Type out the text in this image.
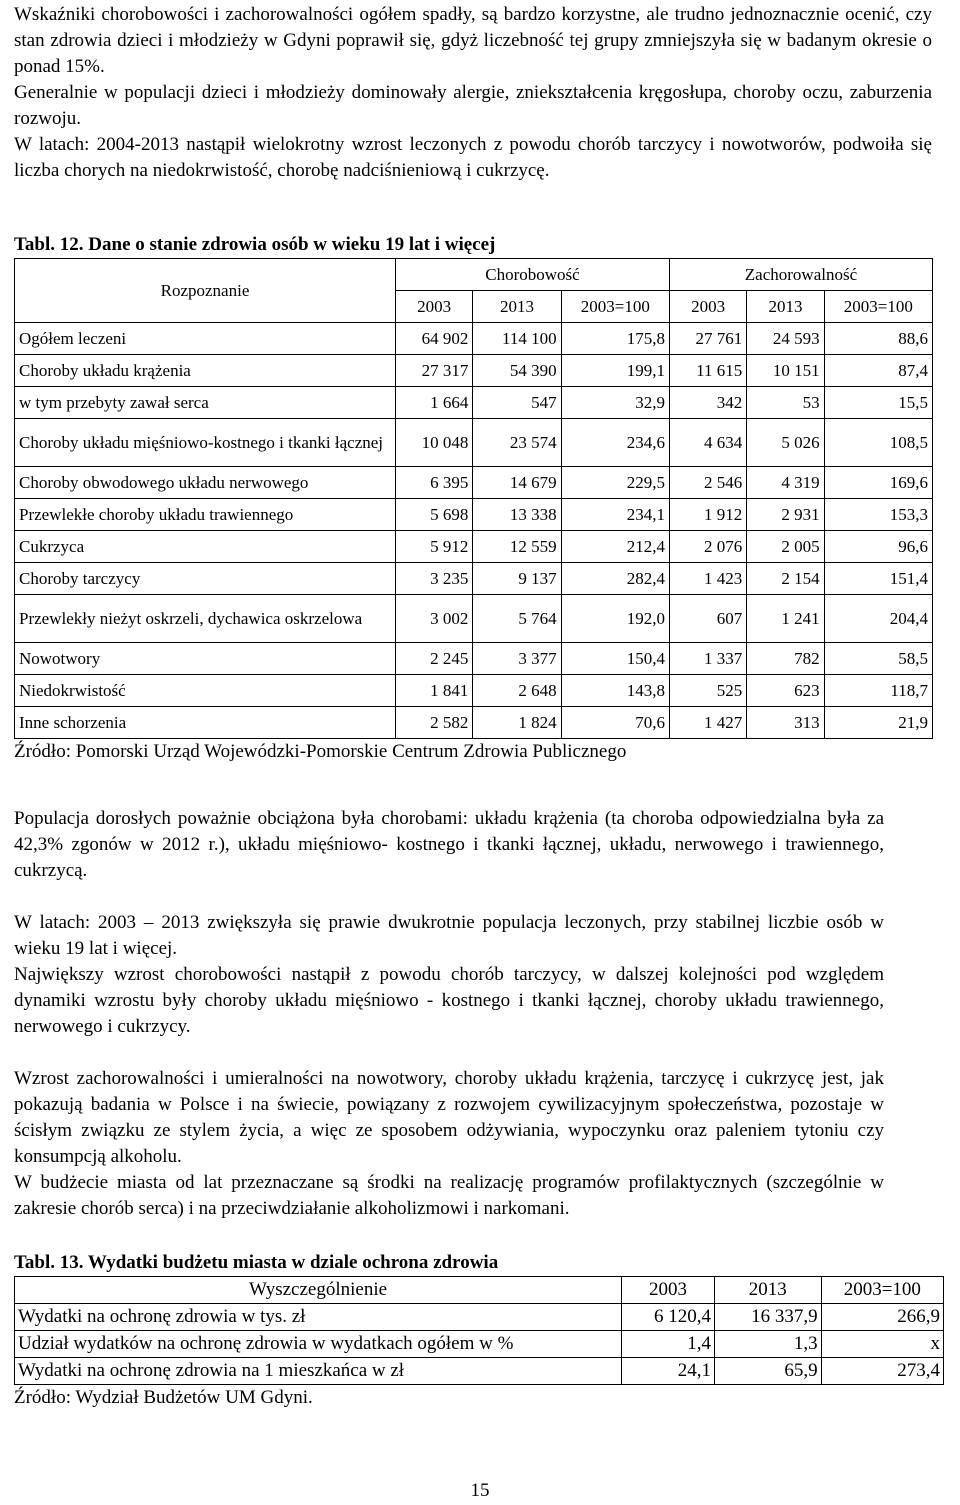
Wskaźniki chorobowości i zachorowalności ogółem spadły, są bardzo korzystne, ale trudno jednoznacznie ocenić, czy stan zdrowia dzieci i młodzieży w Gdyni poprawił się, gdyż liczebność tej grupy zmniejszyła się w badanym okresie o ponad 15%.

Generalnie w populacji dzieci i młodzieży dominowały alergie, zniekształcenia kręgosłupa, choroby oczu, zaburzenia rozwoju.

W latach: 2004-2013 nastąpił wielokrotny wzrost leczonych z powodu chorób tarczycy i nowotworów, podwoiła się liczba chorych na niedokrwistość, chorobę nadciśnieniową i cukrzycę.

Tabl. 12. Dane o stanie zdrowia osób w wieku 19 lat i więcej

Rozpoznanie	Chorobowość			Zachorowalność		
	2003	2013	2003=100	2003	2013	2003=100
Ogółem leczeni	64 902	114 100	175,8	27 761	24 593	88,6
Choroby układu krążenia	27 317	54 390	199,1	11 615	10 151	87,4
w tym przebyty zawał serca	1 664	547	32,9	342	53	15,5
Choroby układu mięśniowo-kostnego i tkanki łącznej	10 048	23 574	234,6	4 634	5 026	108,5
Choroby obwodowego układu nerwowego	6 395	14 679	229,5	2 546	4 319	169,6
Przewlekłe choroby układu trawiennego	5 698	13 338	234,1	1 912	2 931	153,3
Cukrzyca	5 912	12 559	212,4	2 076	2 005	96,6
Choroby tarczycy	3 235	9 137	282,4	1 423	2 154	151,4
Przewlekły nieżyt oskrzeli, dychawica oskrzelowa	3 002	5 764	192,0	607	1 241	204,4
Nowotwory	2 245	3 377	150,4	1 337	782	58,5
Niedokrwistość	1 841	2 648	143,8	525	623	118,7
Inne schorzenia	2 582	1 824	70,6	1 427	313	21,9

Źródło: Pomorski Urząd Wojewódzki-Pomorskie Centrum Zdrowia Publicznego

Populacja dorosłych poważnie obciążona była chorobami: układu krążenia (ta choroba odpowiedzialna była za 42,3% zgonów w 2012 r.), układu mięśniowo- kostnego i tkanki łącznej, układu, nerwowego i trawiennego, cukrzycą.

W latach: 2003 – 2013 zwiększyła się prawie dwukrotnie populacja leczonych, przy stabilnej liczbie osób w wieku 19 lat i więcej.

Największy wzrost chorobowości nastąpił z powodu chorób tarczycy, w dalszej kolejności pod względem dynamiki wzrostu były choroby układu mięśniowo - kostnego i tkanki łącznej, choroby układu trawiennego, nerwowego i cukrzycy.

Wzrost zachorowalności i umieralności na nowotwory, choroby układu krążenia, tarczycę i cukrzycę jest, jak pokazują badania w Polsce i na świecie, powiązany z rozwojem cywilizacyjnym społeczeństwa, pozostaje w ścisłym związku ze stylem życia, a więc ze sposobem odżywiania, wypoczynku oraz paleniem tytoniu czy konsumpcją alkoholu.

W budżecie miasta od lat przeznaczane są środki na realizację programów profilaktycznych (szczególnie w zakresie chorób serca) i na przeciwdziałanie alkoholizmowi i narkomani.

Tabl. 13. Wydatki budżetu miasta w dziale ochrona zdrowia

Wyszczególnienie	2003	2013	2003=100
Wydatki na ochronę zdrowia w tys. zł	6 120,4	16 337,9	266,9
Udział wydatków na ochronę zdrowia w wydatkach ogółem w %	1,4	1,3	x
Wydatki na ochronę zdrowia na 1 mieszkańca w zł	24,1	65,9	273,4

Źródło: Wydział Budżetów UM Gdyni.

15
